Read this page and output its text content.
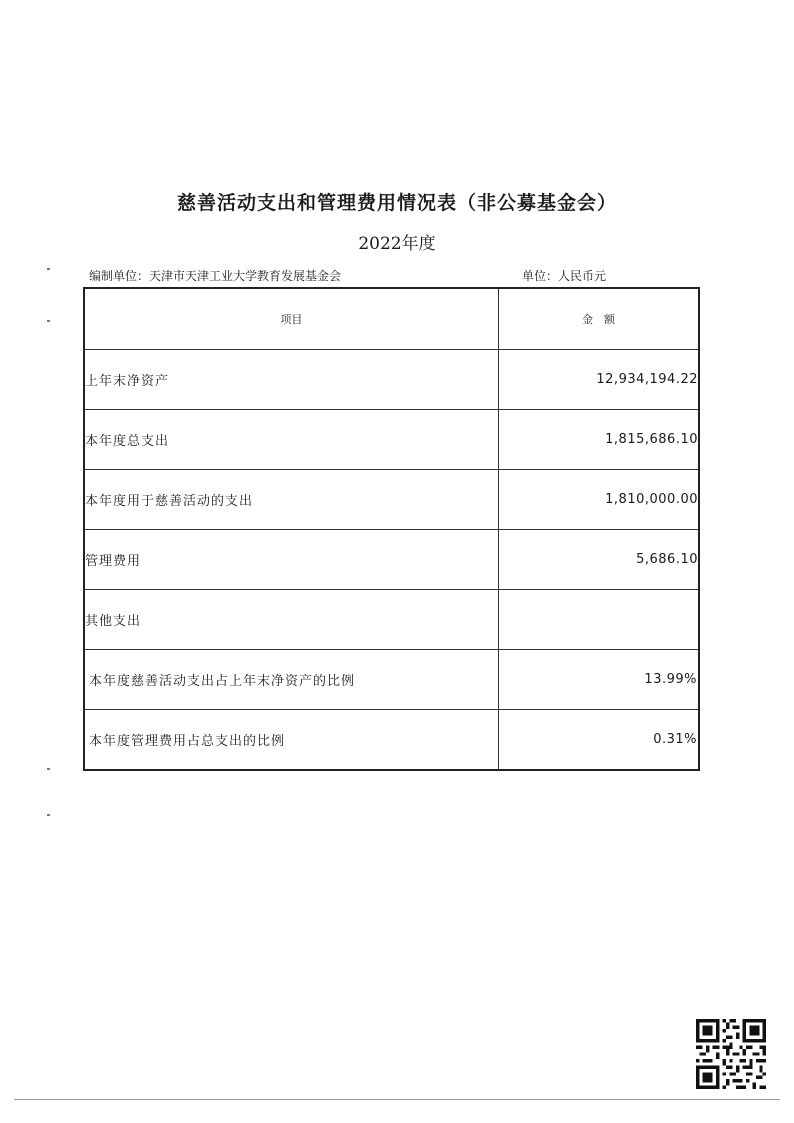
慈善活动支出和管理费用情况表（非公募基金会）
2022年度
编制单位：天津市天津工业大学教育发展基金会	单位：人民币元
项目	金　额
上年末净资产	12,934,194.22
本年度总支出	1,815,686.10
本年度用于慈善活动的支出	1,810,000.00
管理费用	5,686.10
其他支出	
本年度慈善活动支出占上年末净资产的比例	13.99%
本年度管理费用占总支出的比例	0.31%
